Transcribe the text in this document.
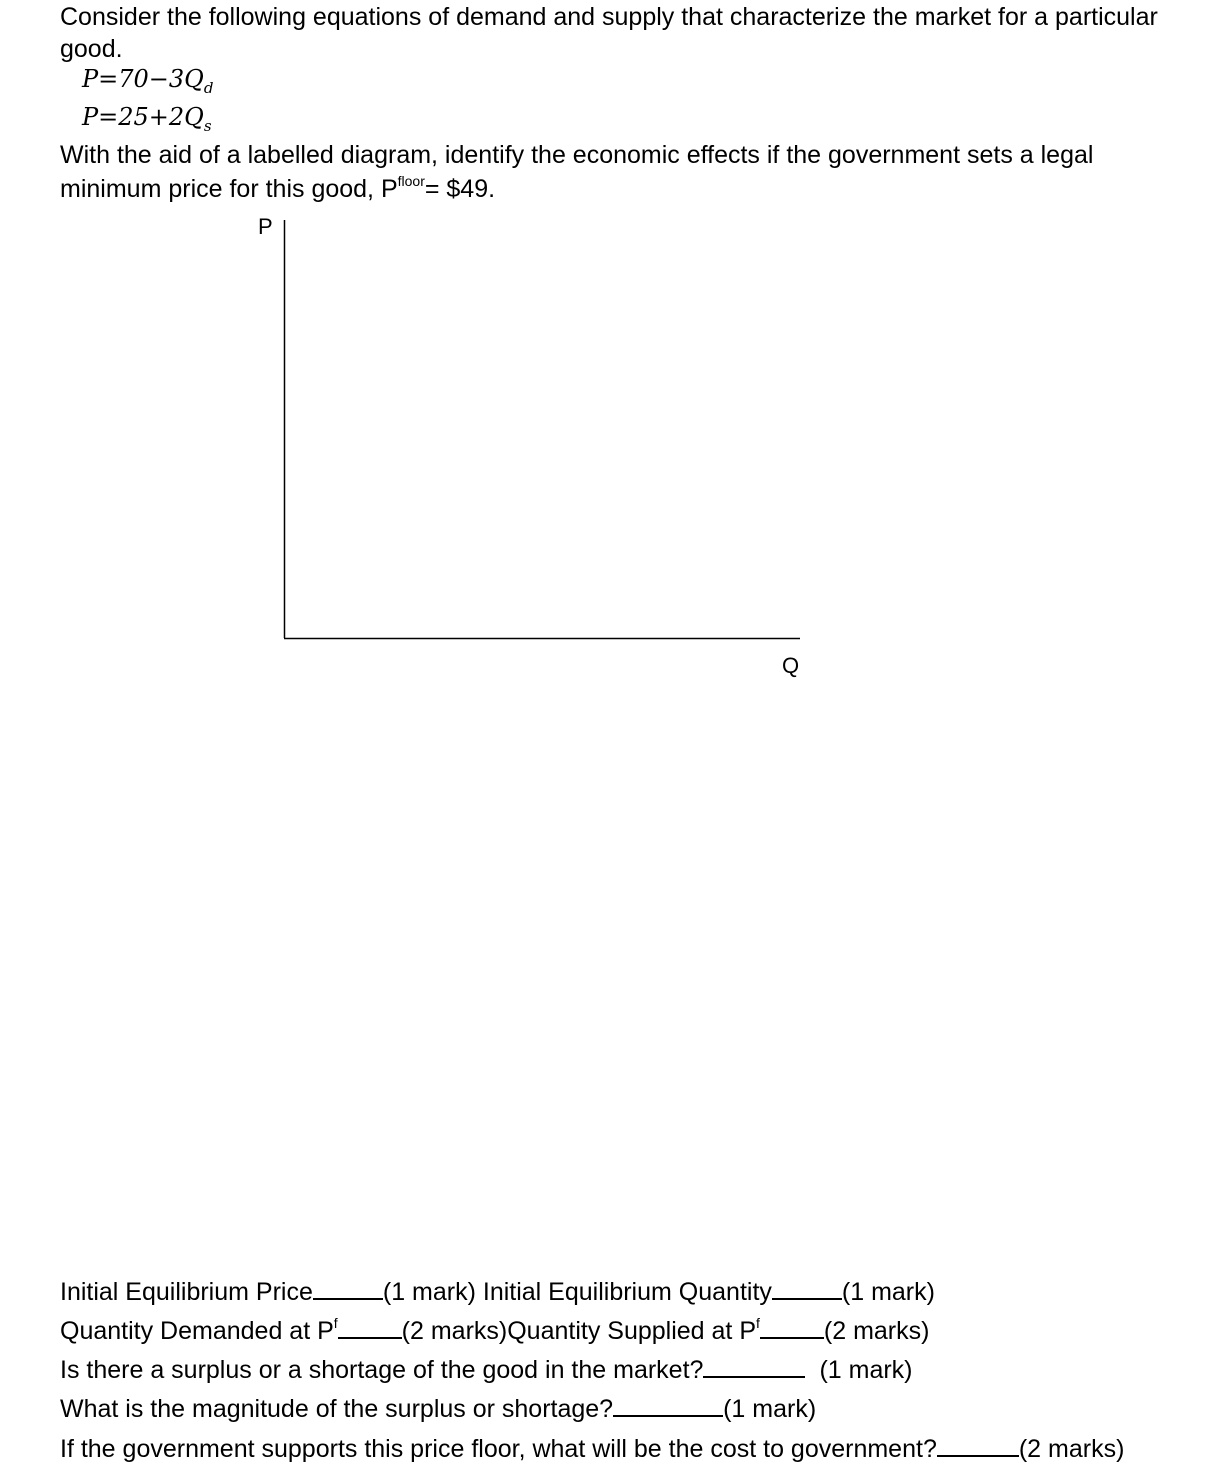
Consider the following equations of demand and supply that characterize the market for a particular
good.
$P=70-3Q_d$
$P=25+2Q_s$
With the aid of a labelled diagram, identify the economic effects if the government sets a legal
minimum price for this good, $P^{floor}=$ $49.
P
Q
Initial Equilibrium Price	(1 mark) Initial Equilibrium Quantity	(1 mark)
Quantity Demanded at $P^f$	(2 marks)Quantity Supplied at $P^f$	(2 marks)
Is there a surplus or a shortage of the good in the market?	(1 mark)
What is the magnitude of the surplus or shortage?	(1 mark)
If the government supports this price floor, what will be the cost to government?	(2 marks)
